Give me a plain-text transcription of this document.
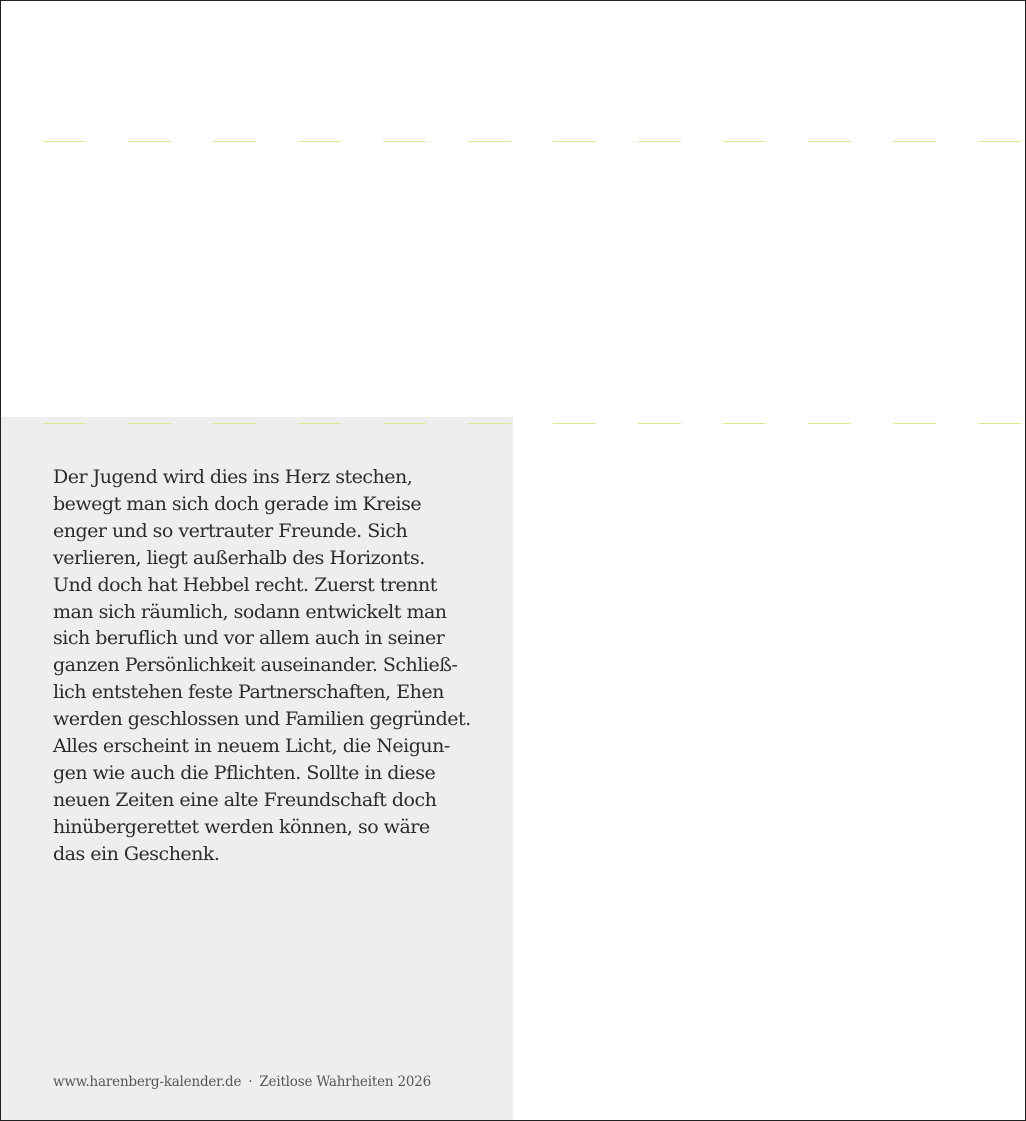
Der Jugend wird dies ins Herz stechen,
bewegt man sich doch gerade im Kreise
enger und so vertrauter Freunde. Sich
verlieren, liegt außerhalb des Horizonts.
Und doch hat Hebbel recht. Zuerst trennt
man sich räumlich, sodann entwickelt man
sich beruflich und vor allem auch in seiner
ganzen Persönlichkeit auseinander. Schließ-
lich entstehen feste Partnerschaften, Ehen
werden geschlossen und Familien gegründet.
Alles erscheint in neuem Licht, die Neigun-
gen wie auch die Pflichten. Sollte in diese
neuen Zeiten eine alte Freundschaft doch
hinübergerettet werden können, so wäre
das ein Geschenk.

www.harenberg-kalender.de · Zeitlose Wahrheiten 2026
